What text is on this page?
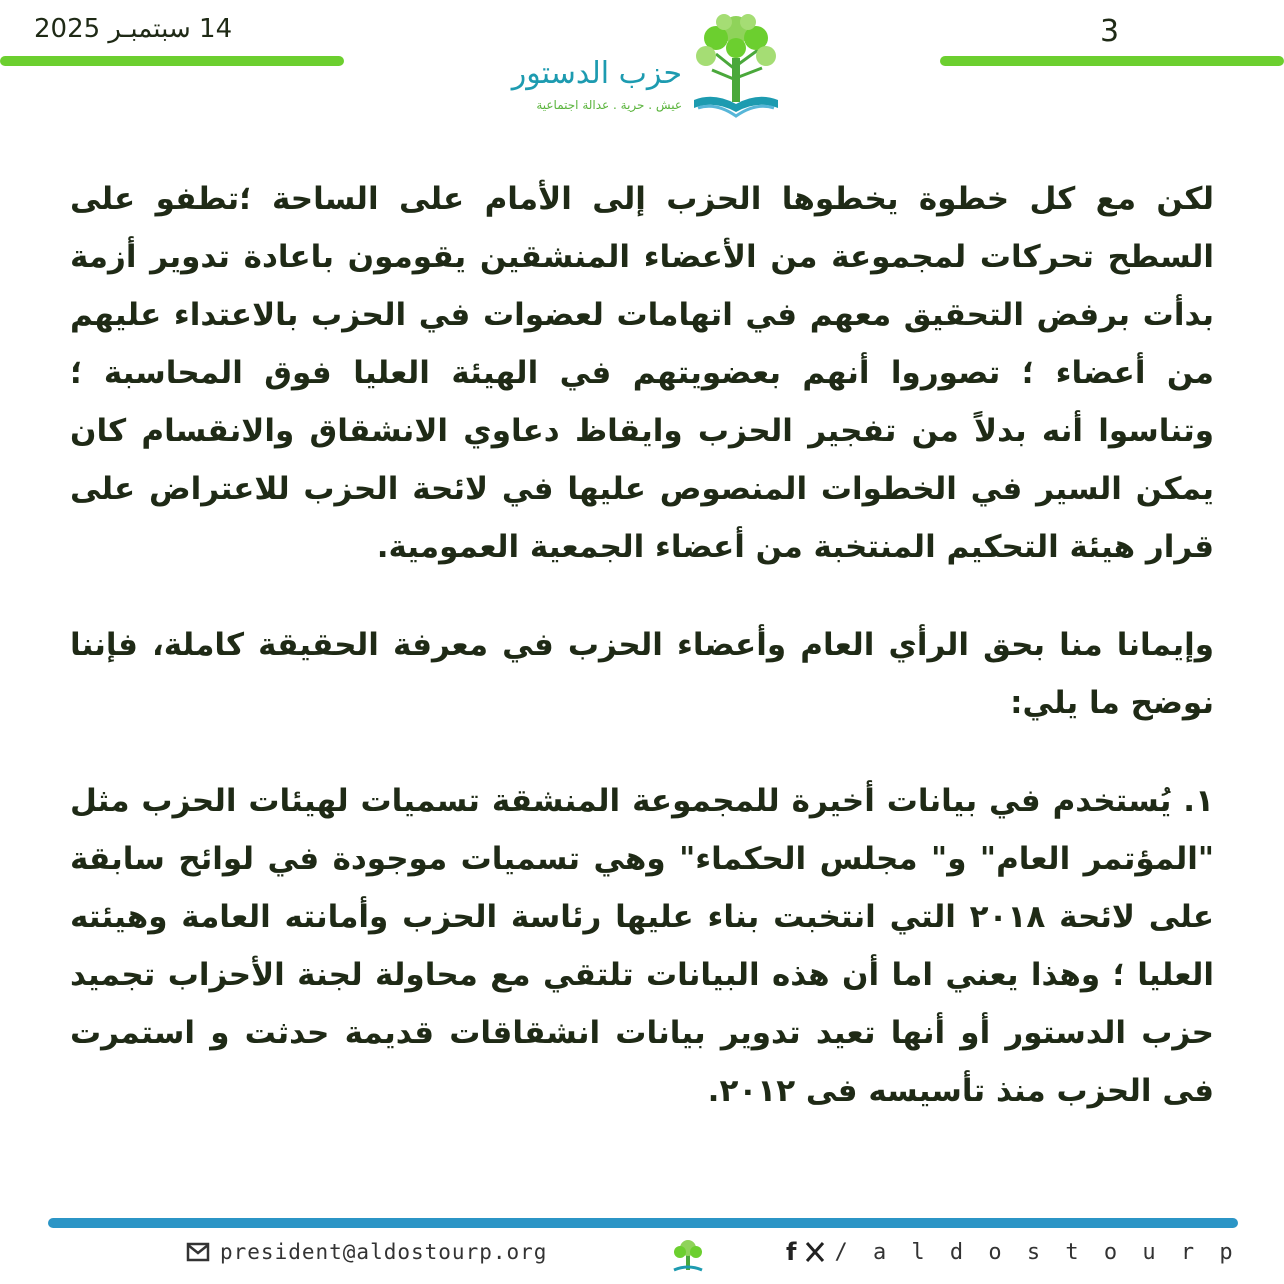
14 سبتمبـر 2025	3
حزب الدستور
عيش . حرية . عدالة اجتماعية

لكن مع كل خطوة يخطوها الحزب إلى الأمام على الساحة ؛تطفو على السطح تحركات لمجموعة من الأعضاء المنشقين يقومون باعادة تدوير أزمة بدأت برفض التحقيق معهم في اتهامات لعضوات في الحزب بالاعتداء عليهم من أعضاء ؛ تصوروا أنهم بعضويتهم في الهيئة العليا فوق المحاسبة ؛ وتناسوا أنه بدلاً من تفجير الحزب وايقاظ دعاوي الانشقاق والانقسام كان يمكن السير في الخطوات المنصوص عليها في لائحة الحزب للاعتراض على قرار هيئة التحكيم المنتخبة من أعضاء الجمعية العمومية.

وإيمانا منا بحق الرأي العام وأعضاء الحزب في معرفة الحقيقة كاملة، فإننا نوضح ما يلي:

١. يُستخدم في بيانات أخيرة للمجموعة المنشقة تسميات لهيئات الحزب مثل "المؤتمر العام" و" مجلس الحكماء" وهي تسميات موجودة في لوائح سابقة على لائحة ٢٠١٨ التي انتخبت بناء عليها رئاسة الحزب وأمانته العامة وهيئته العليا ؛ وهذا يعني اما أن هذه البيانات تلتقي مع محاولة لجنة الأحزاب تجميد حزب الدستور أو أنها تعيد تدوير بيانات انشقاقات قديمة حدثت و استمرت فى الحزب منذ تأسيسه فى ٢٠١٢.

president@aldostourp.org	f / a l d o s t o u r p
